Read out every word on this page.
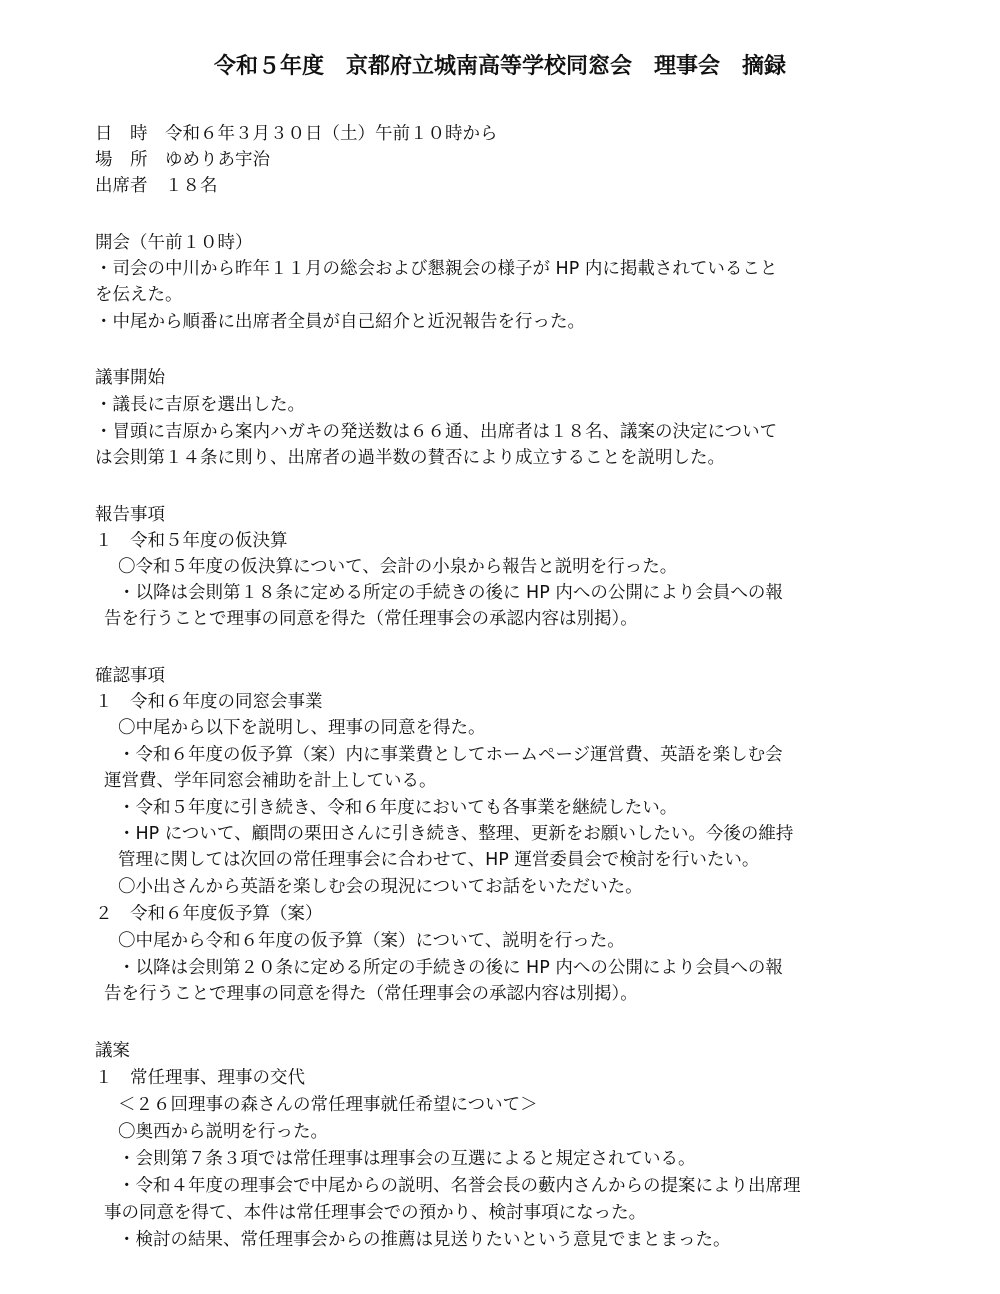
令和５年度　京都府立城南高等学校同窓会　理事会　摘録
日　時　令和６年３月３０日（土）午前１０時から
場　所　ゆめりあ宇治
出席者　１８名
開会（午前１０時）
・司会の中川から昨年１１月の総会および懇親会の様子が HP 内に掲載されていること
を伝えた。
・中尾から順番に出席者全員が自己紹介と近況報告を行った。
議事開始
・議長に吉原を選出した。
・冒頭に吉原から案内ハガキの発送数は６６通、出席者は１８名、議案の決定について
は会則第１４条に則り、出席者の過半数の賛否により成立することを説明した。
報告事項
１　令和５年度の仮決算
〇令和５年度の仮決算について、会計の小泉から報告と説明を行った。
・以降は会則第１８条に定める所定の手続きの後に HP 内への公開により会員への報
告を行うことで理事の同意を得た（常任理事会の承認内容は別掲）。
確認事項
１　令和６年度の同窓会事業
〇中尾から以下を説明し、理事の同意を得た。
・令和６年度の仮予算（案）内に事業費としてホームページ運営費、英語を楽しむ会
運営費、学年同窓会補助を計上している。
・令和５年度に引き続き、令和６年度においても各事業を継続したい。
・HP について、顧問の栗田さんに引き続き、整理、更新をお願いしたい。今後の維持
管理に関しては次回の常任理事会に合わせて、HP 運営委員会で検討を行いたい。
〇小出さんから英語を楽しむ会の現況についてお話をいただいた。
２　令和６年度仮予算（案）
〇中尾から令和６年度の仮予算（案）について、説明を行った。
・以降は会則第２０条に定める所定の手続きの後に HP 内への公開により会員への報
告を行うことで理事の同意を得た（常任理事会の承認内容は別掲）。
議案
１　常任理事、理事の交代
＜２６回理事の森さんの常任理事就任希望について＞
〇奥西から説明を行った。
・会則第７条３項では常任理事は理事会の互選によると規定されている。
・令和４年度の理事会で中尾からの説明、名誉会長の藪内さんからの提案により出席理
事の同意を得て、本件は常任理事会での預かり、検討事項になった。
・検討の結果、常任理事会からの推薦は見送りたいという意見でまとまった。
